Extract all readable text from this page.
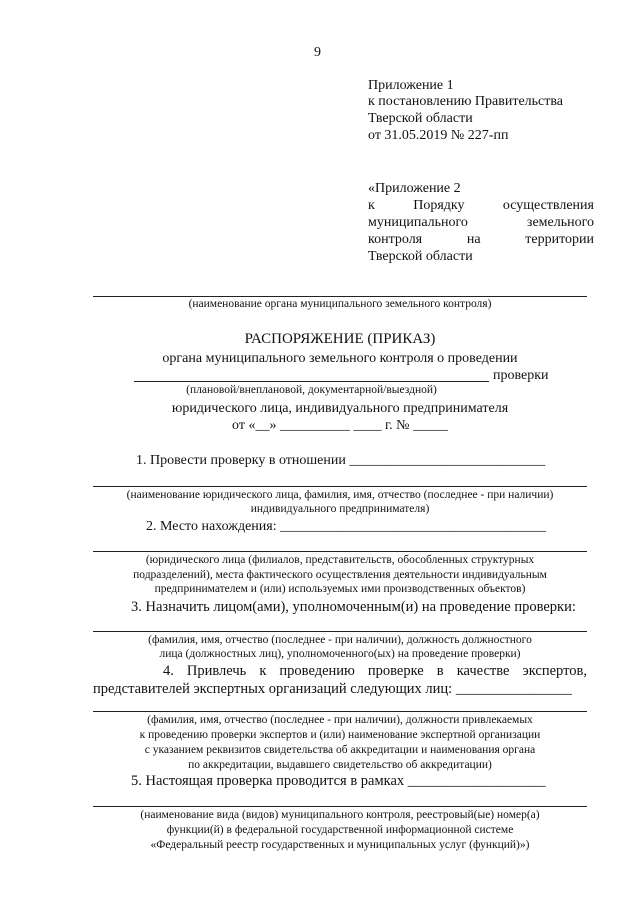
9
Приложение 1
к постановлению Правительства
Тверской области
от 31.05.2019 № 227-пп
«Приложение 2
к	Порядку	осуществления
муниципального	земельного
контроля	на	территории
Тверской области
(наименование органа муниципального земельного контроля)
РАСПОРЯЖЕНИЕ (ПРИКАЗ)
органа муниципального земельного контроля о проведении
проверки
(плановой/внеплановой, документарной/выездной)
юридического лица, индивидуального предпринимателя
от «__» __________ ____ г. № _____
1. Провести проверку в отношении ____________________________
(наименование юридического лица, фамилия, имя, отчество (последнее - при наличии)
индивидуального предпринимателя)
2. Место нахождения: ______________________________________
(юридического лица (филиалов, представительств, обособленных структурных
подразделений), места фактического осуществления деятельности индивидуальным
предпринимателем и (или) используемых ими производственных объектов)
3. Назначить лицом(ами), уполномоченным(и) на проведение проверки:
(фамилия, имя, отчество (последнее - при наличии), должность должностного
лица (должностных лиц), уполномоченного(ых) на проведение проверки)
4. Привлечь к проведению проверке в качестве экспертов,
представителей экспертных организаций следующих лиц: ________________
(фамилия, имя, отчество (последнее - при наличии), должности привлекаемых
к проведению проверки экспертов и (или) наименование экспертной организации
с указанием реквизитов свидетельства об аккредитации и наименования органа
по аккредитации, выдавшего свидетельство об аккредитации)
5. Настоящая проверка проводится в рамках ___________________
(наименование вида (видов) муниципального контроля, реестровый(ые) номер(а)
функции(й) в федеральной государственной информационной системе
«Федеральный реестр государственных и муниципальных услуг (функций)»)
